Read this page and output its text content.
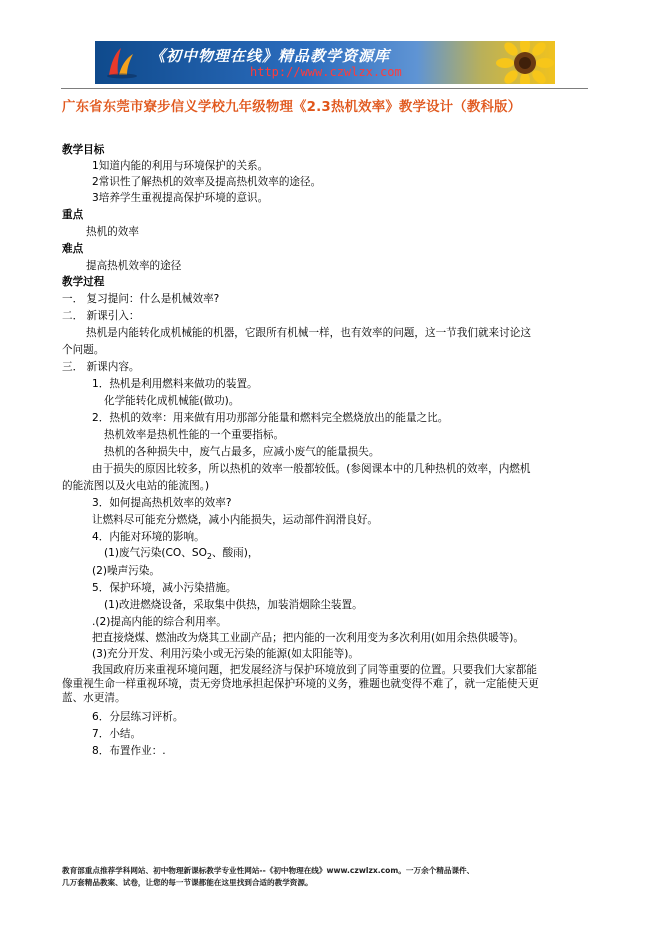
《初中物理在线》精品教学资源库
http://www.czwlzx.com
广东省东莞市寮步信义学校九年级物理《2.3热机效率》教学设计（教科版）
教学目标
1知道内能的利用与环境保护的关系。
2常识性了解热机的效率及提高热机效率的途径。
3培养学生重视提高保护环境的意识。
重点
热机的效率
难点
提高热机效率的途径
教学过程
一． 复习提问：什么是机械效率?
二． 新课引入：
热机是内能转化成机械能的机器，它跟所有机械一样，也有效率的问题，这一节我们就来讨论这
个问题。
三． 新课内容。
1．热机是利用燃料来做功的装置。
化学能转化成机械能(做功)。
2．热机的效率：用来做有用功那部分能量和燃料完全燃烧放出的能量之比。
热机效率是热机性能的一个重要指标。
热机的各种损失中，废气占最多，应减小废气的能量损失。
由于损失的原因比较多，所以热机的效率一般都较低。(参阅课本中的几种热机的效率，内燃机
的能流图以及火电站的能流图。)
3．如何提高热机效率的效率?
让燃料尽可能充分燃烧，减小内能损失，运动部件润滑良好。
4．内能对环境的影响。
(1)废气污染(CO、$SO_2$、酸雨)，
(2)噪声污染。
5．保护环境，减小污染措施。
(1)改进燃烧设备，采取集中供热，加装消烟除尘装置。
.(2)提高内能的综合利用率。
把直接烧煤、燃油改为烧其工业副产品；把内能的一次利用变为多次利用(如用余热供暖等)。
(3)充分开发、利用污染小或无污染的能源(如太阳能等)。
我国政府历来重视环境问题，把发展经济与保护环境放到了同等重要的位置。只要我们大家都能
像重视生命一样重视环境，责无旁贷地承担起保护环境的义务，雅题也就变得不难了，就一定能使天更
蓝、水更清。
6．分层练习评析。
7．小结。
8．布置作业：.
教育部重点推荐学科网站、初中物理新课标教学专业性网站--《初中物理在线》www.czwlzx.com。一万余个精品课件、
几万套精品教案、试卷，让您的每一节课都能在这里找到合适的教学资源。
